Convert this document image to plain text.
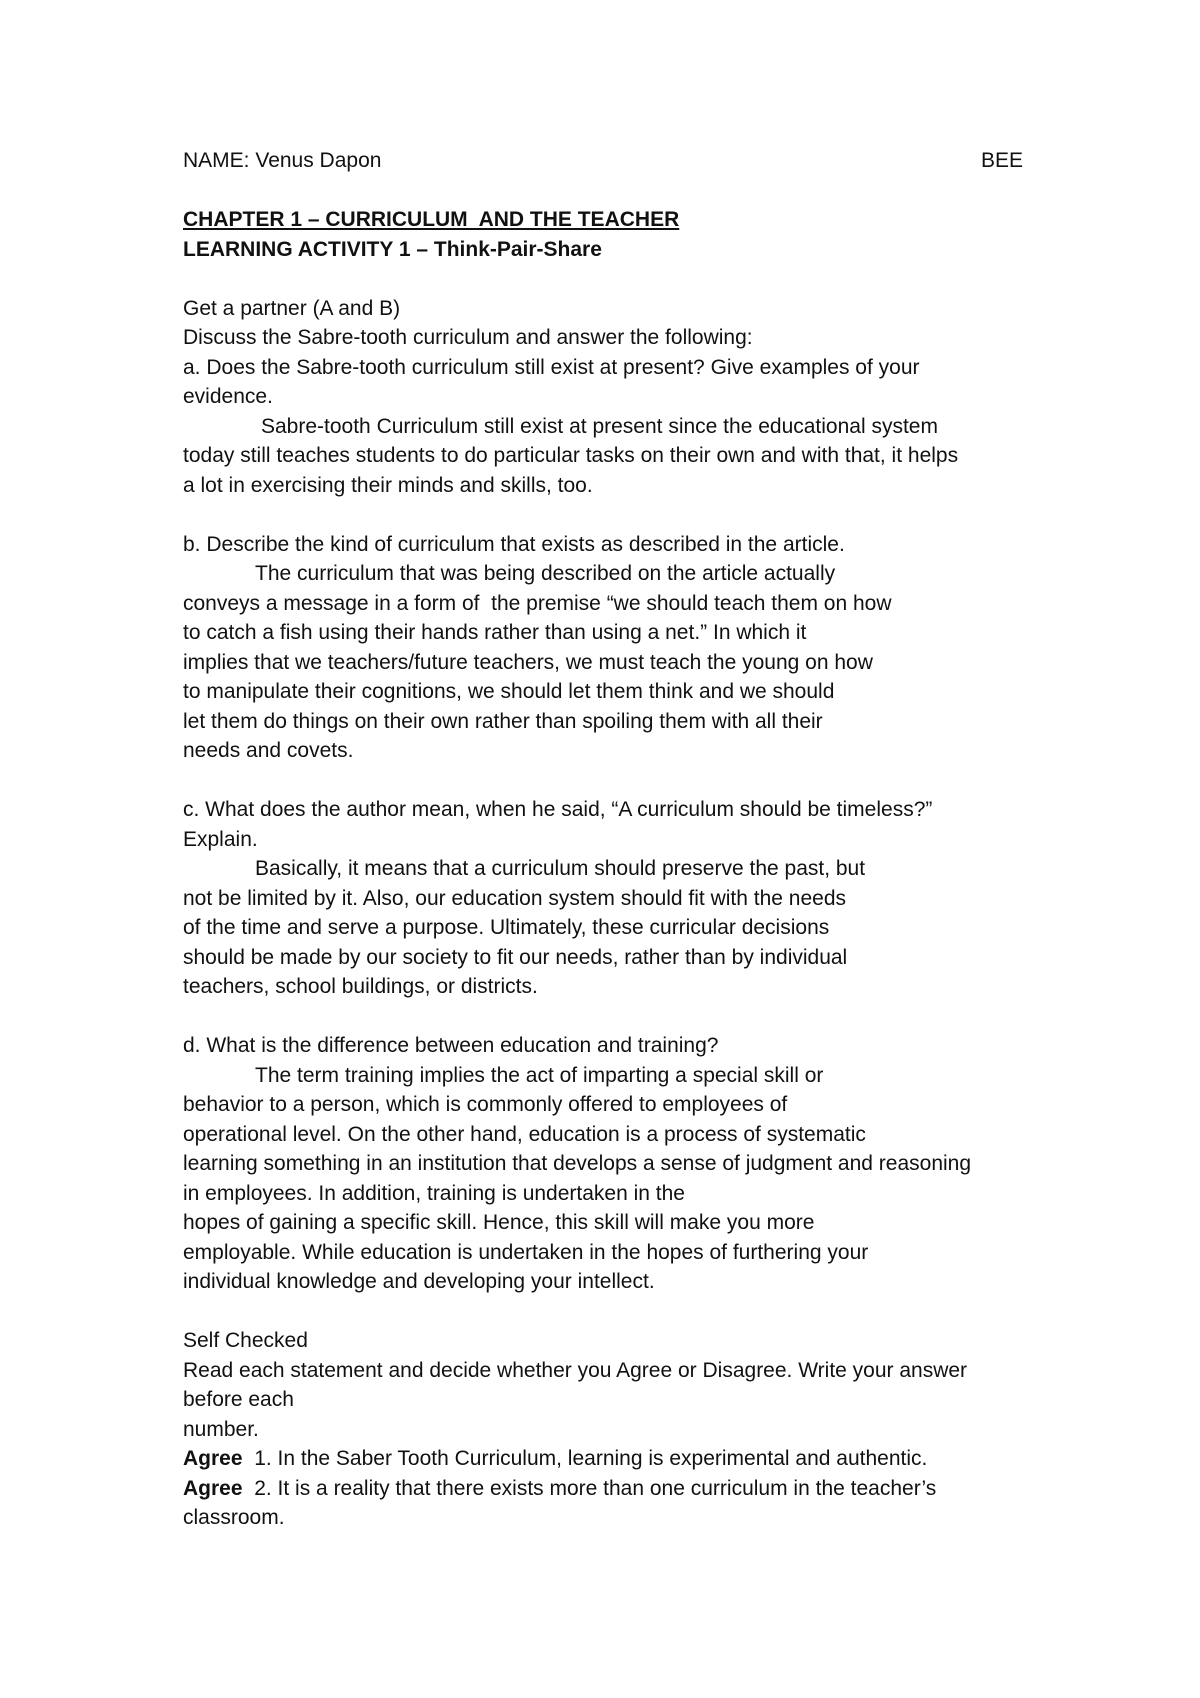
NAME: Venus Dapon	BEE
CHAPTER 1 – CURRICULUM  AND THE TEACHER
LEARNING ACTIVITY 1 – Think-Pair-Share
Get a partner (A and B)
Discuss the Sabre-tooth curriculum and answer the following:
a. Does the Sabre-tooth curriculum still exist at present? Give examples of your
evidence.
Sabre-tooth Curriculum still exist at present since the educational system
today still teaches students to do particular tasks on their own and with that, it helps
a lot in exercising their minds and skills, too.
b. Describe the kind of curriculum that exists as described in the article.
The curriculum that was being described on the article actually
conveys a message in a form of  the premise “we should teach them on how
to catch a fish using their hands rather than using a net.” In which it
implies that we teachers/future teachers, we must teach the young on how
to manipulate their cognitions, we should let them think and we should
let them do things on their own rather than spoiling them with all their
needs and covets.
c. What does the author mean, when he said, “A curriculum should be timeless?”
Explain.
Basically, it means that a curriculum should preserve the past, but
not be limited by it. Also, our education system should fit with the needs
of the time and serve a purpose. Ultimately, these curricular decisions
should be made by our society to fit our needs, rather than by individual
teachers, school buildings, or districts.
d. What is the difference between education and training?
The term training implies the act of imparting a special skill or
behavior to a person, which is commonly offered to employees of
operational level. On the other hand, education is a process of systematic
learning something in an institution that develops a sense of judgment and reasoning
in employees. In addition, training is undertaken in the
hopes of gaining a specific skill. Hence, this skill will make you more
employable. While education is undertaken in the hopes of furthering your
individual knowledge and developing your intellect.
Self Checked
Read each statement and decide whether you Agree or Disagree. Write your answer
before each
number.
Agree  1. In the Saber Tooth Curriculum, learning is experimental and authentic.
Agree  2. It is a reality that there exists more than one curriculum in the teacher’s
classroom.
